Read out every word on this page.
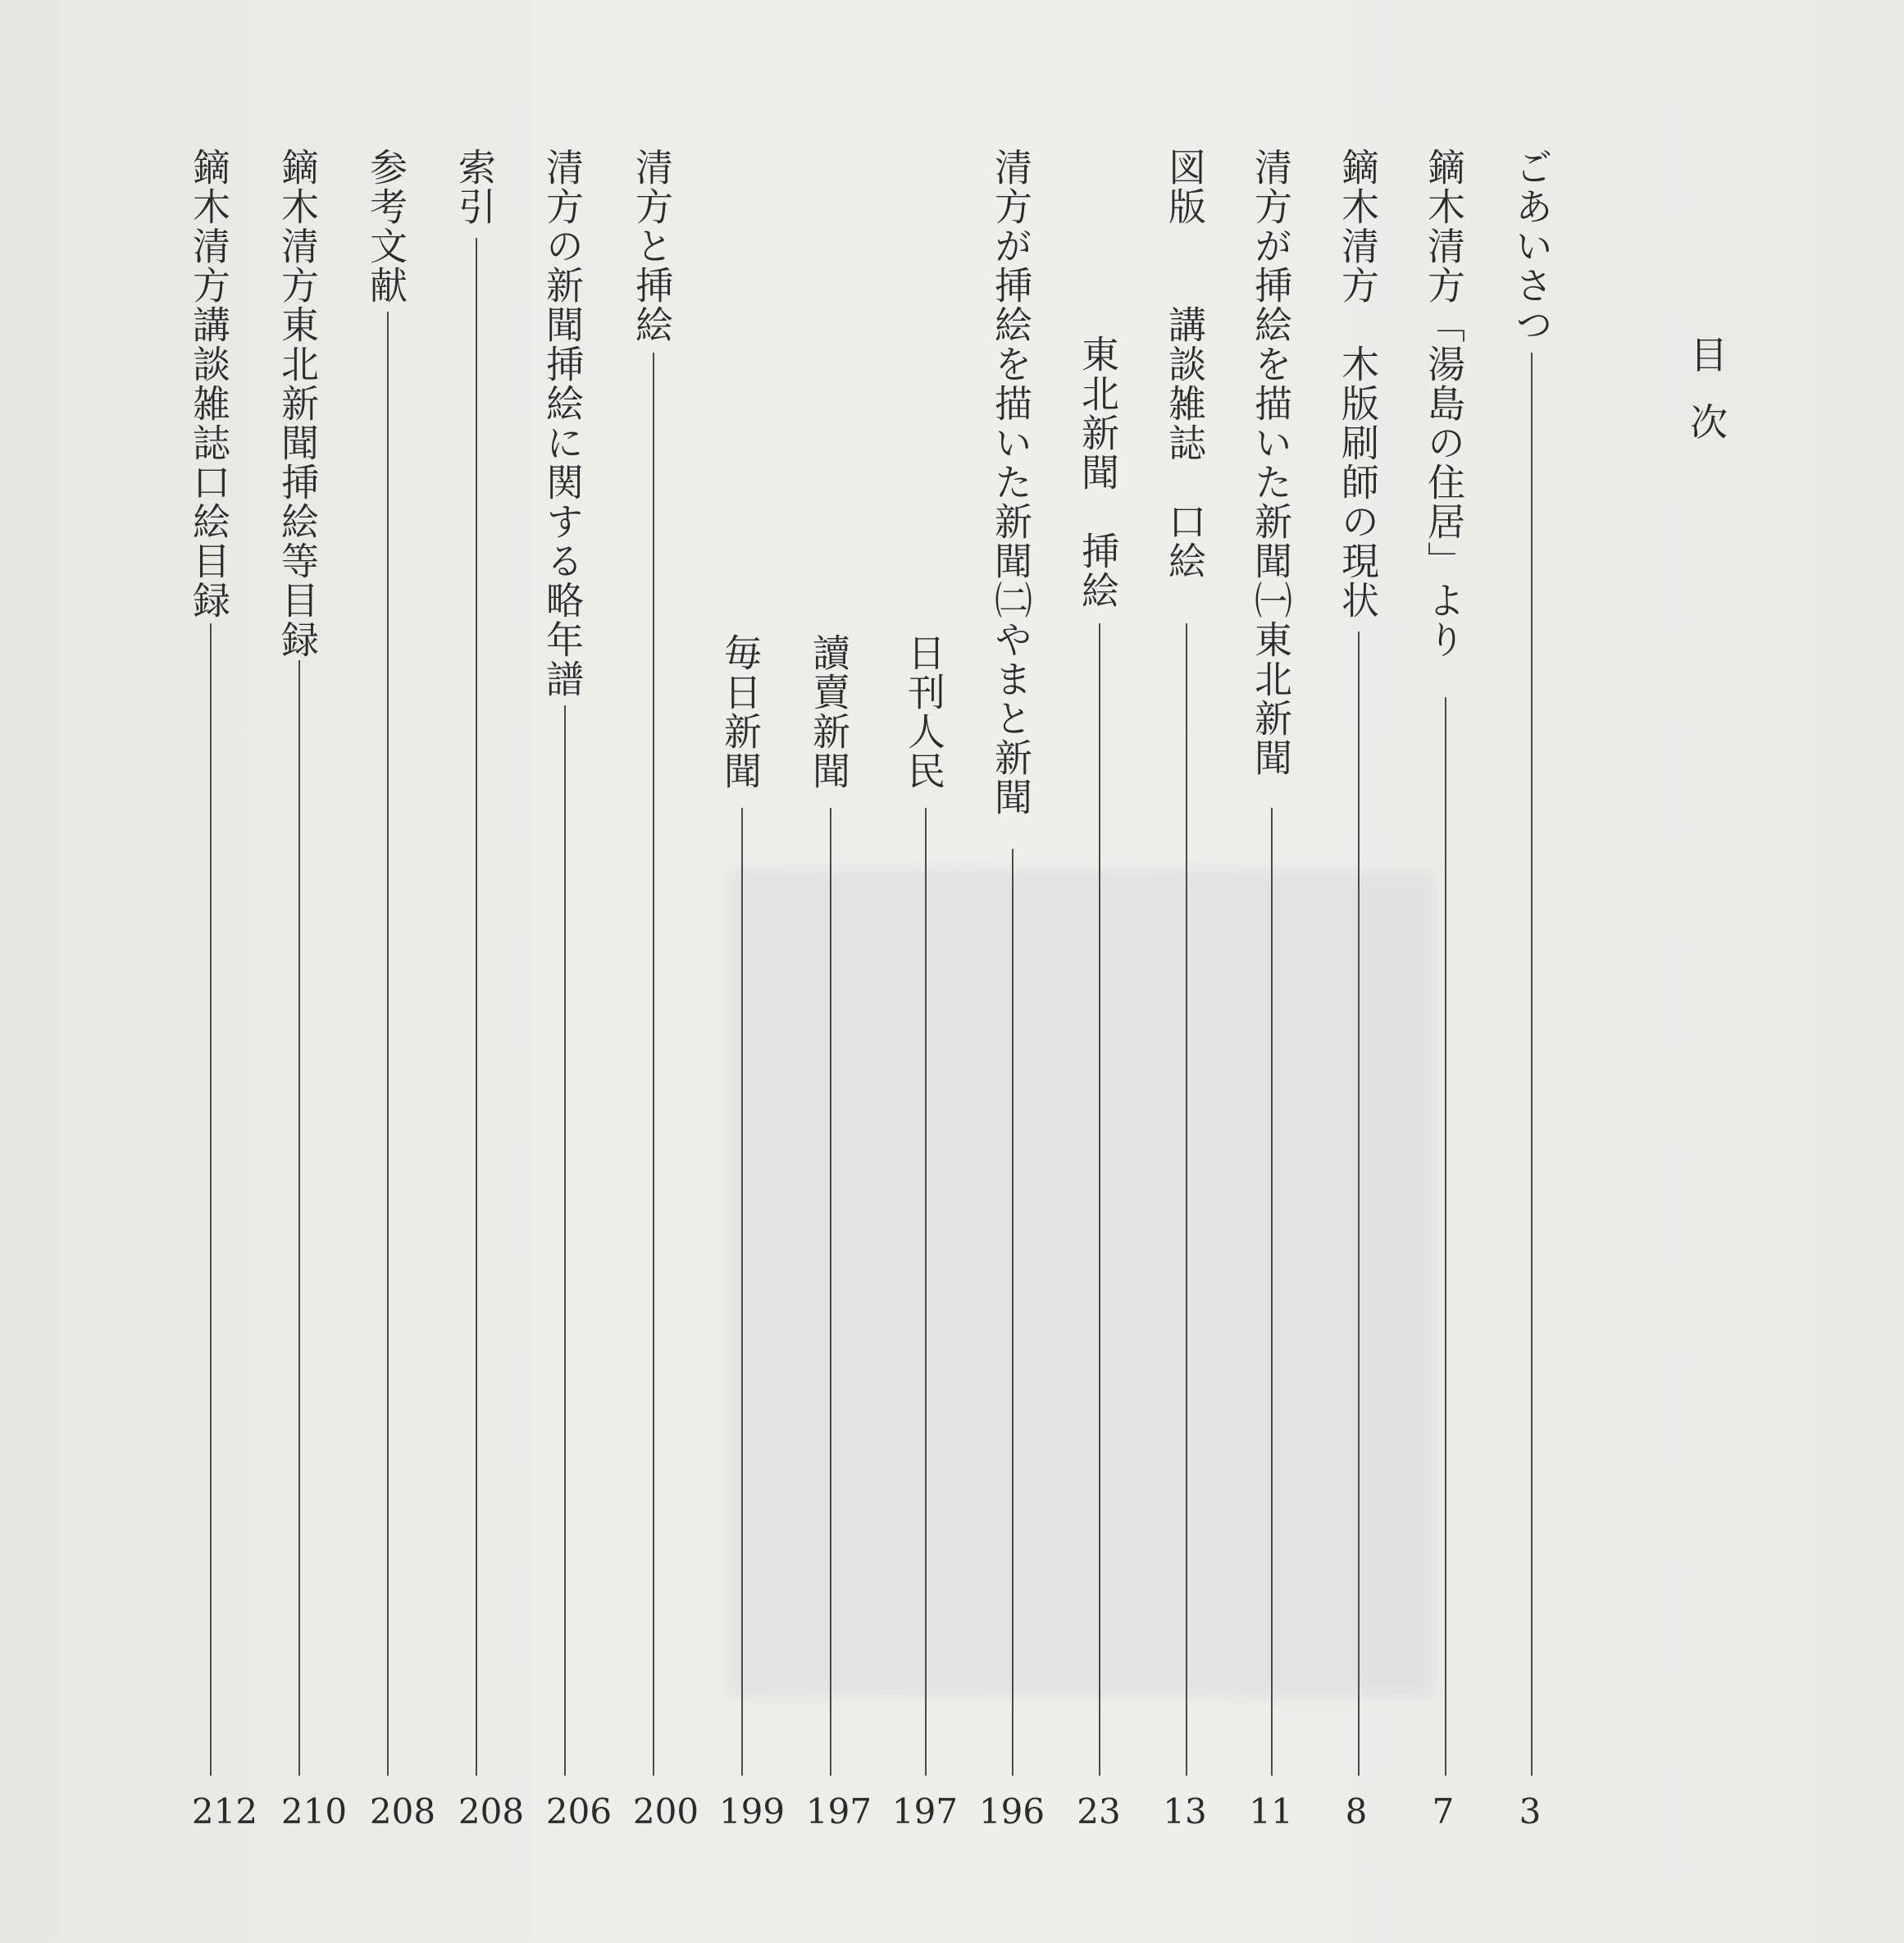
目
次
ごあいさつ
3
鏑木清方「湯島の住居」より
7
鏑木清方　木版刷師の現状
8
清方が挿絵を描いた新聞㈠東北新聞
11
図版　　講談雑誌　口絵
13
東北新聞　挿絵
23
清方が挿絵を描いた新聞㈡やまと新聞
196
日刊人民
197
讀賣新聞
197
毎日新聞
199
清方と挿絵
200
清方の新聞挿絵に関する略年譜
206
索引
208
参考文献
208
鏑木清方東北新聞挿絵等目録
210
鏑木清方講談雑誌口絵目録
212
